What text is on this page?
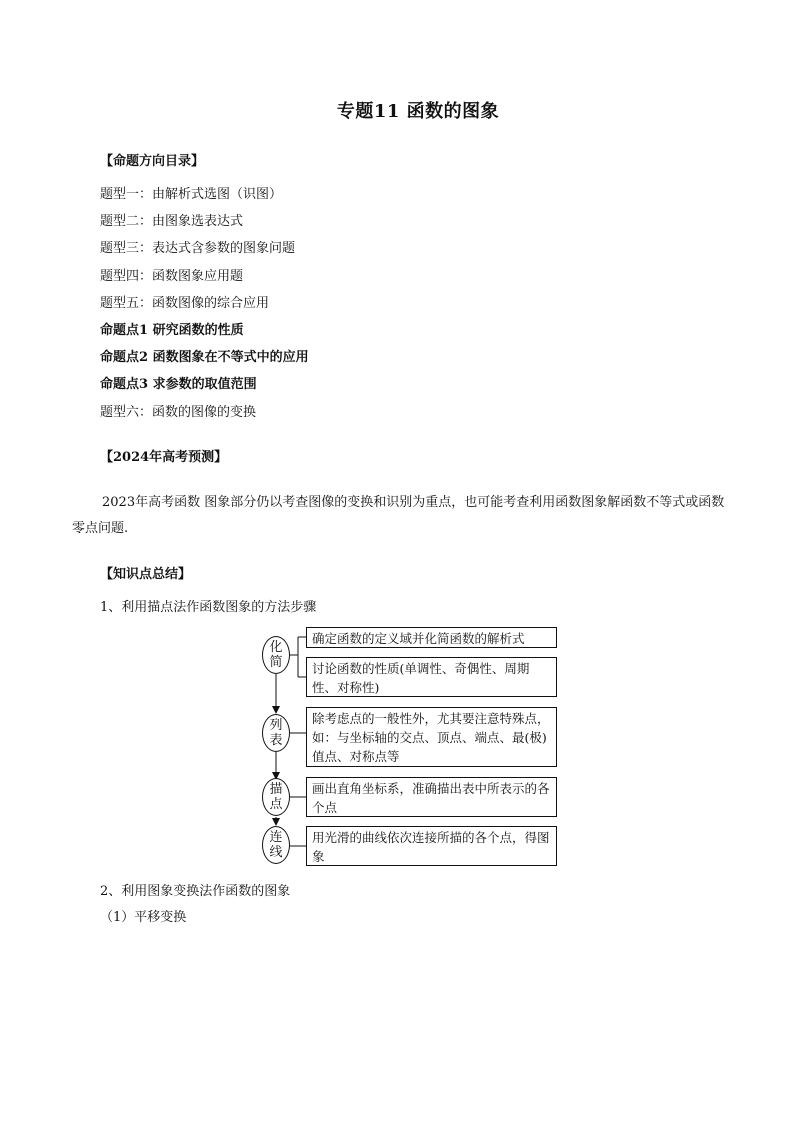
专题11 函数的图象
【命题方向目录】
题型一：由解析式选图（识图）
题型二：由图象选表达式
题型三：表达式含参数的图象问题
题型四：函数图象应用题
题型五：函数图像的综合应用
命题点1 研究函数的性质
命题点2 函数图象在不等式中的应用
命题点3 求参数的取值范围
题型六：函数的图像的变换
【2024年高考预测】

2023年高考函数 图象部分仍以考查图像的变换和识别为重点，也可能考查利用函数图象解函数不等式或函数零点问题.

【知识点总结】
1、利用描点法作函数图象的方法步骤
化简
列表
描点
连线
确定函数的定义域并化简函数的解析式
讨论函数的性质(单调性、奇偶性、周期性、对称性)
除考虑点的一般性外，尤其要注意特殊点，如：与坐标轴的交点、顶点、端点、最(极)值点、对称点等
画出直角坐标系，准确描出表中所表示的各个点
用光滑的曲线依次连接所描的各个点，得图象
2、利用图象变换法作函数的图象
（1）平移变换
